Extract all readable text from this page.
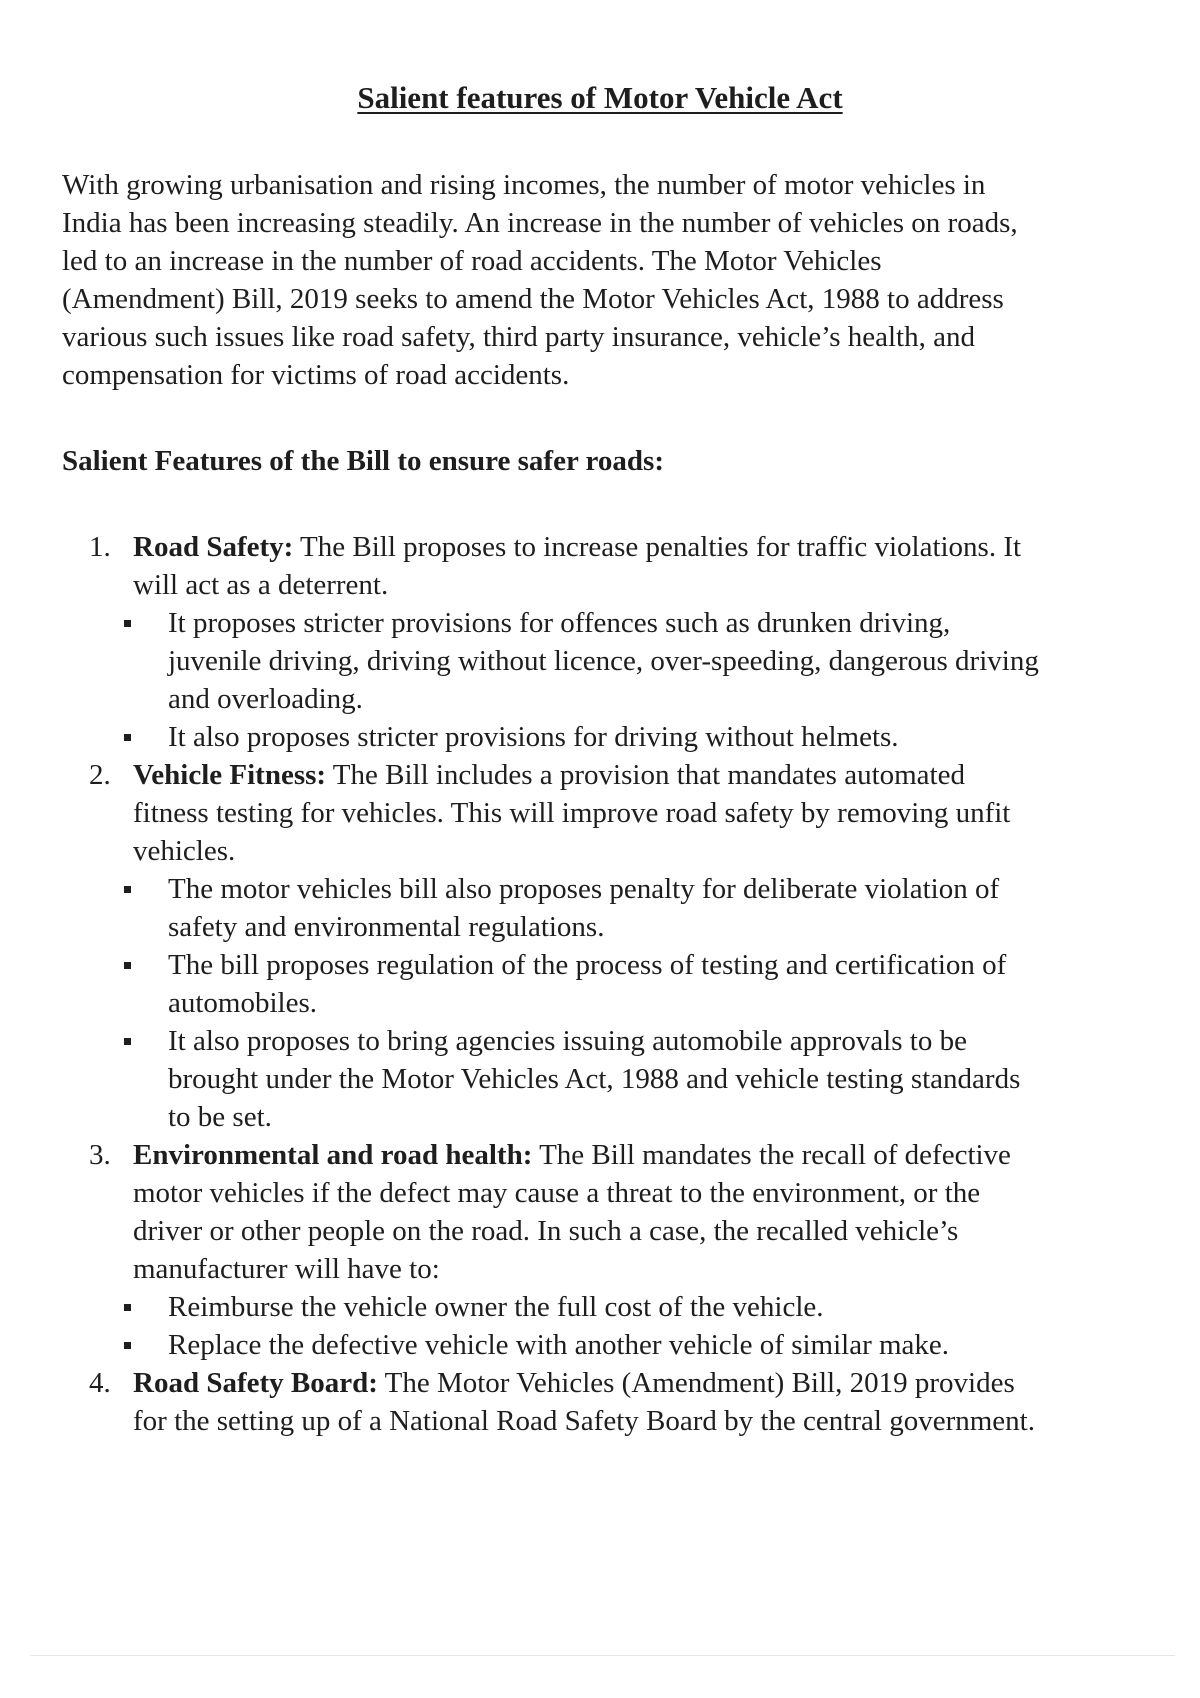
Salient features of Motor Vehicle Act
With growing urbanisation and rising incomes, the number of motor vehicles in
India has been increasing steadily. An increase in the number of vehicles on roads,
led to an increase in the number of road accidents. The Motor Vehicles
(Amendment) Bill, 2019 seeks to amend the Motor Vehicles Act, 1988 to address
various such issues like road safety, third party insurance, vehicle’s health, and
compensation for victims of road accidents.
Salient Features of the Bill to ensure safer roads:
1. Road Safety: The Bill proposes to increase penalties for traffic violations. It
will act as a deterrent.
It proposes stricter provisions for offences such as drunken driving,
juvenile driving, driving without licence, over-speeding, dangerous driving
and overloading.
It also proposes stricter provisions for driving without helmets.
2. Vehicle Fitness: The Bill includes a provision that mandates automated
fitness testing for vehicles. This will improve road safety by removing unfit
vehicles.
The motor vehicles bill also proposes penalty for deliberate violation of
safety and environmental regulations.
The bill proposes regulation of the process of testing and certification of
automobiles.
It also proposes to bring agencies issuing automobile approvals to be
brought under the Motor Vehicles Act, 1988 and vehicle testing standards
to be set.
3. Environmental and road health: The Bill mandates the recall of defective
motor vehicles if the defect may cause a threat to the environment, or the
driver or other people on the road. In such a case, the recalled vehicle’s
manufacturer will have to:
Reimburse the vehicle owner the full cost of the vehicle.
Replace the defective vehicle with another vehicle of similar make.
4. Road Safety Board: The Motor Vehicles (Amendment) Bill, 2019 provides
for the setting up of a National Road Safety Board by the central government.
